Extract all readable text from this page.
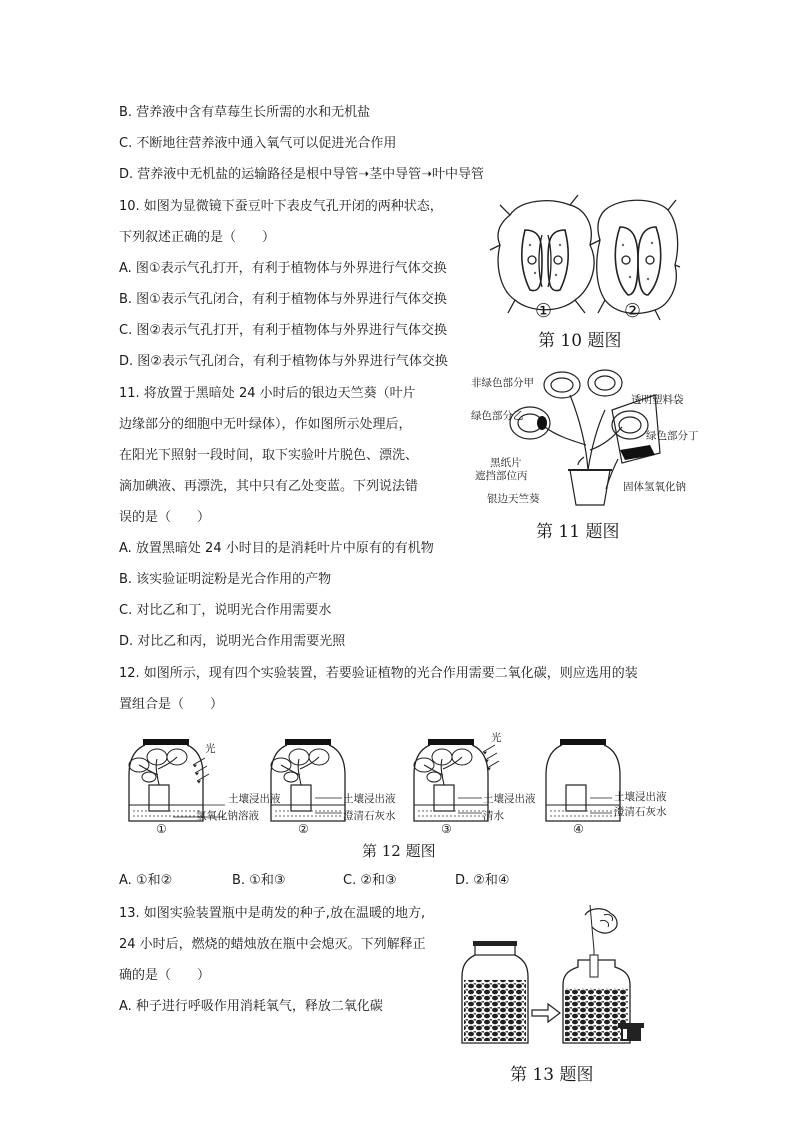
B. 营养液中含有草莓生长所需的水和无机盐
C. 不断地往营养液中通入氧气可以促进光合作用
D. 营养液中无机盐的运输路径是根中导管➝茎中导管➝叶中导管
10. 如图为显微镜下蚕豆叶下表皮气孔开闭的两种状态，
下列叙述正确的是（　　）
A. 图①表示气孔打开，有利于植物体与外界进行气体交换
B. 图①表示气孔闭合，有利于植物体与外界进行气体交换
C. 图②表示气孔打开，有利于植物体与外界进行气体交换
D. 图②表示气孔闭合，有利于植物体与外界进行气体交换
①	②
第 10 题图
11. 将放置于黑暗处 24 小时后的银边天竺葵（叶片
边缘部分的细胞中无叶绿体），作如图所示处理后，
在阳光下照射一段时间，取下实验叶片脱色、漂洗、
滴加碘液、再漂洗，其中只有乙处变蓝。下列说法错
误的是（　　）
A. 放置黑暗处 24 小时目的是消耗叶片中原有的有机物
B. 该实验证明淀粉是光合作用的产物
C. 对比乙和丁，说明光合作用需要水
D. 对比乙和丙，说明光合作用需要光照
非绿色部分甲
绿色部分乙
黑纸片
遮挡部位丙
银边天竺葵
透明塑料袋
绿色部分丁
固体氢氧化钠
第 11 题图
12. 如图所示，现有四个实验装置，若要验证植物的光合作用需要二氧化碳，则应选用的装
置组合是（　　）
光
光
土壤浸出液
氢氧化钠溶液
土壤浸出液
澄清石灰水
土壤浸出液
清水
土壤浸出液
澄清石灰水
①	②	③	④
第 12 题图
A. ①和②	B. ①和③	C. ②和③	D. ②和④
13. 如图实验装置瓶中是萌发的种子,放在温暖的地方,
24 小时后，燃烧的蜡烛放在瓶中会熄灭。下列解释正
确的是（　　）
A. 种子进行呼吸作用消耗氧气，释放二氧化碳
第 13 题图
